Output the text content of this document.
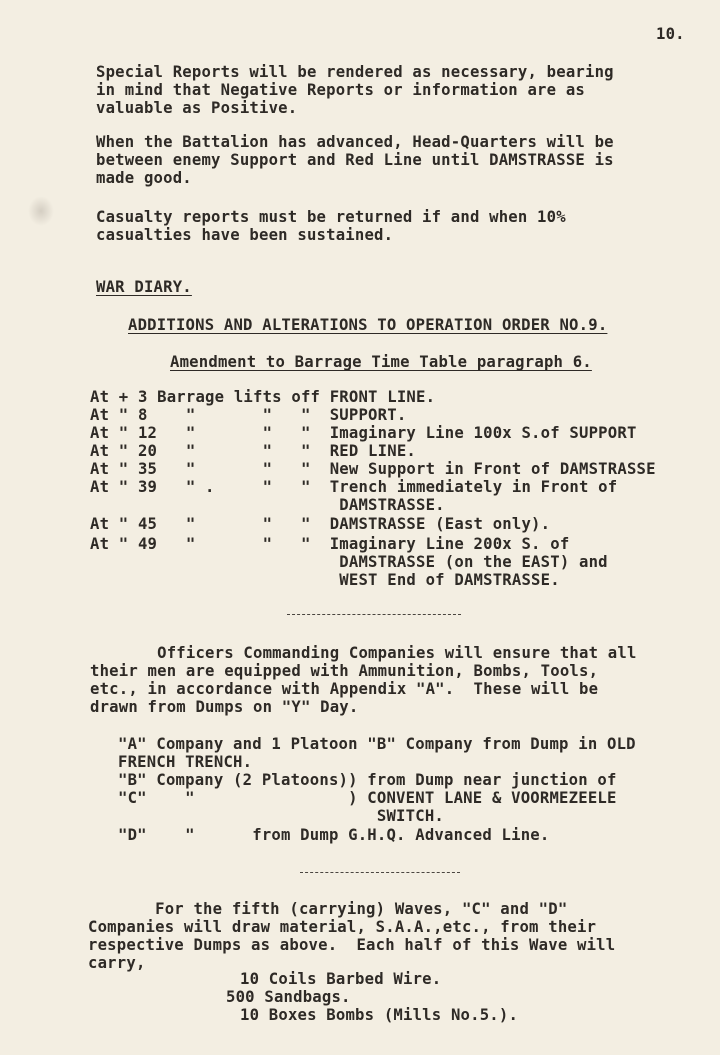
10.
Special Reports will be rendered as necessary, bearing
in mind that Negative Reports or information are as
valuable as Positive.
When the Battalion has advanced, Head-Quarters will be
between enemy Support and Red Line until DAMSTRASSE is
made good.
Casualty reports must be returned if and when 10%
casualties have been sustained.
WAR DIARY.
ADDITIONS AND ALTERATIONS TO OPERATION ORDER NO.9.
Amendment to Barrage Time Table paragraph 6.
At + 3 Barrage lifts off FRONT LINE.
At " 8    "       "   "  SUPPORT.
At " 12   "       "   "  Imaginary Line 100x S.of SUPPORT
At " 20   "       "   "  RED LINE.
At " 35   "       "   "  New Support in Front of DAMSTRASSE
At " 39   " .     "   "  Trench immediately in Front of
DAMSTRASSE.
At " 45   "       "   "  DAMSTRASSE (East only).
At " 49   "       "   "  Imaginary Line 200x S. of
DAMSTRASSE (on the EAST) and
WEST End of DAMSTRASSE.
Officers Commanding Companies will ensure that all
their men are equipped with Ammunition, Bombs, Tools,
etc., in accordance with Appendix "A".  These will be
drawn from Dumps on "Y" Day.
"A" Company and 1 Platoon "B" Company from Dump in OLD
FRENCH TRENCH.
"B" Company (2 Platoons)) from Dump near junction of
"C"    "                ) CONVENT LANE & VOORMEZEELE
SWITCH.
"D"    "      from Dump G.H.Q. Advanced Line.
For the fifth (carrying) Waves, "C" and "D"
Companies will draw material, S.A.A.,etc., from their
respective Dumps as above.  Each half of this Wave will
carry,
10 Coils Barbed Wire.
500 Sandbags.
10 Boxes Bombs (Mills No.5.).
